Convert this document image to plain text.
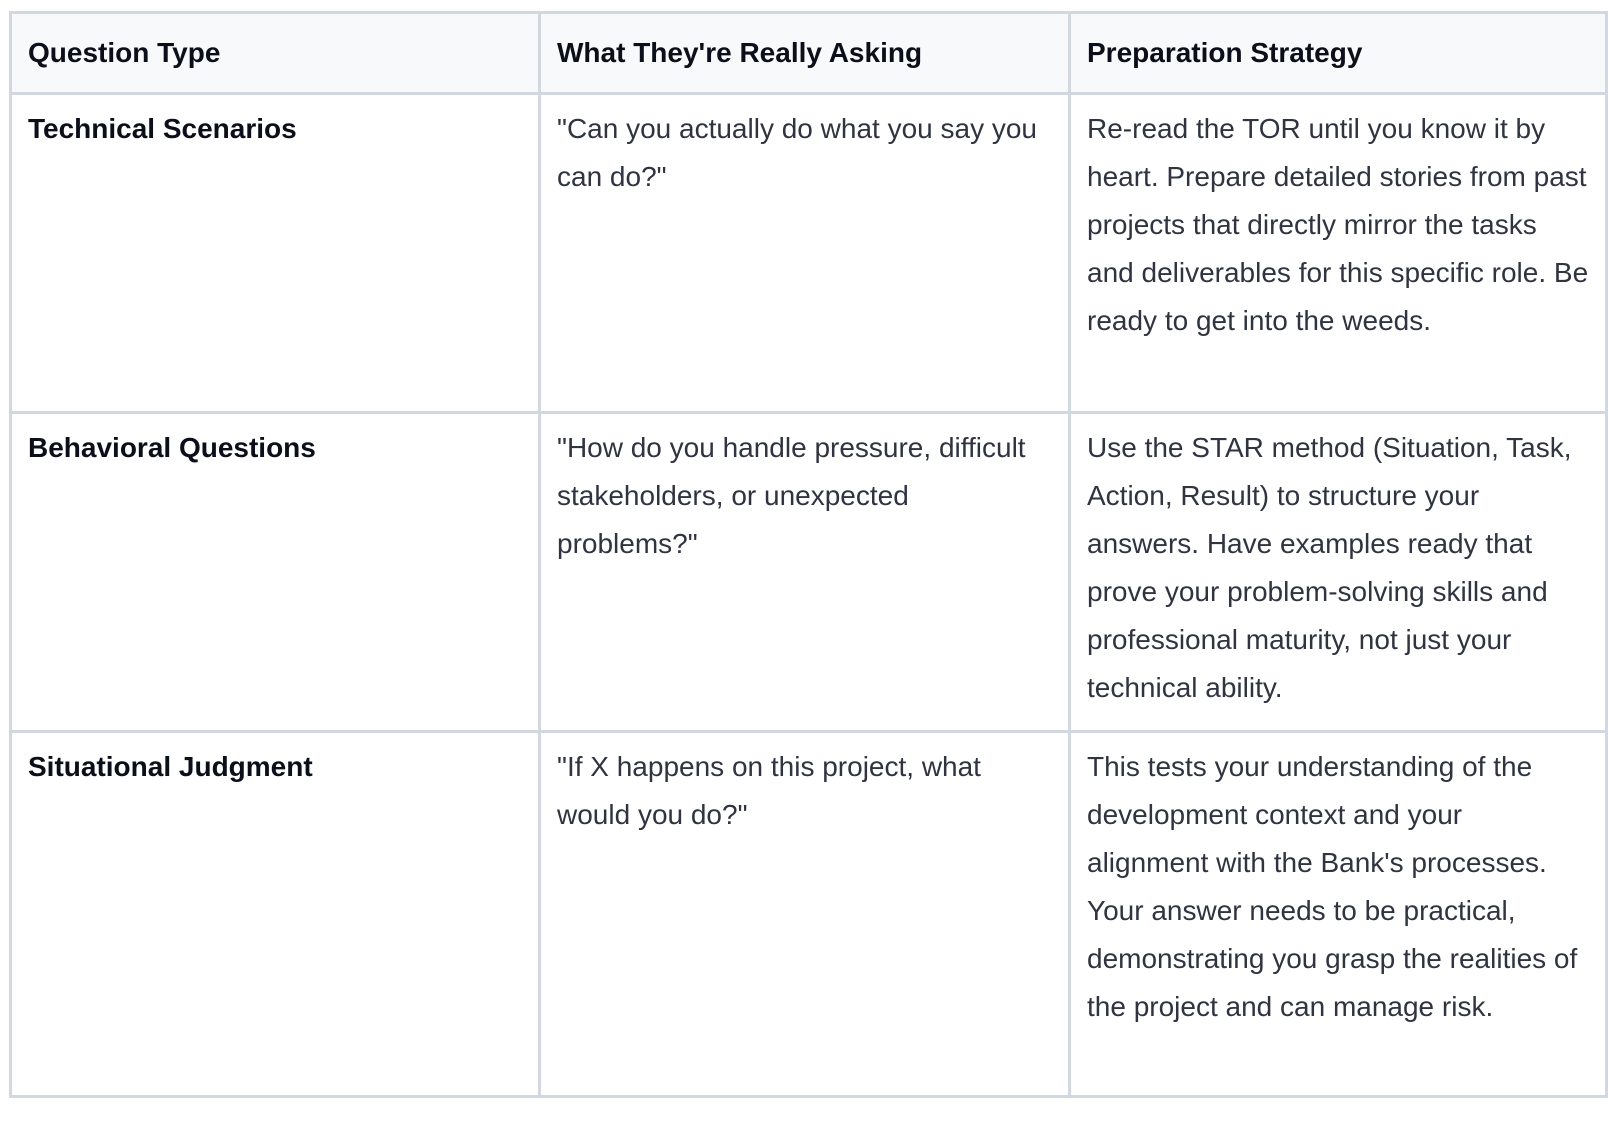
Question Type	What They're Really Asking	Preparation Strategy
Technical Scenarios	"Can you actually do what you say you can do?"	Re-read the TOR until you know it by heart. Prepare detailed stories from past projects that directly mirror the tasks and deliverables for this specific role. Be ready to get into the weeds.
Behavioral Questions	"How do you handle pressure, difficult stakeholders, or unexpected problems?"	Use the STAR method (Situation, Task, Action, Result) to structure your answers. Have examples ready that prove your problem-solving skills and professional maturity, not just your technical ability.
Situational Judgment	"If X happens on this project, what would you do?"	This tests your understanding of the development context and your alignment with the Bank's processes. Your answer needs to be practical, demonstrating you grasp the realities of the project and can manage risk.
